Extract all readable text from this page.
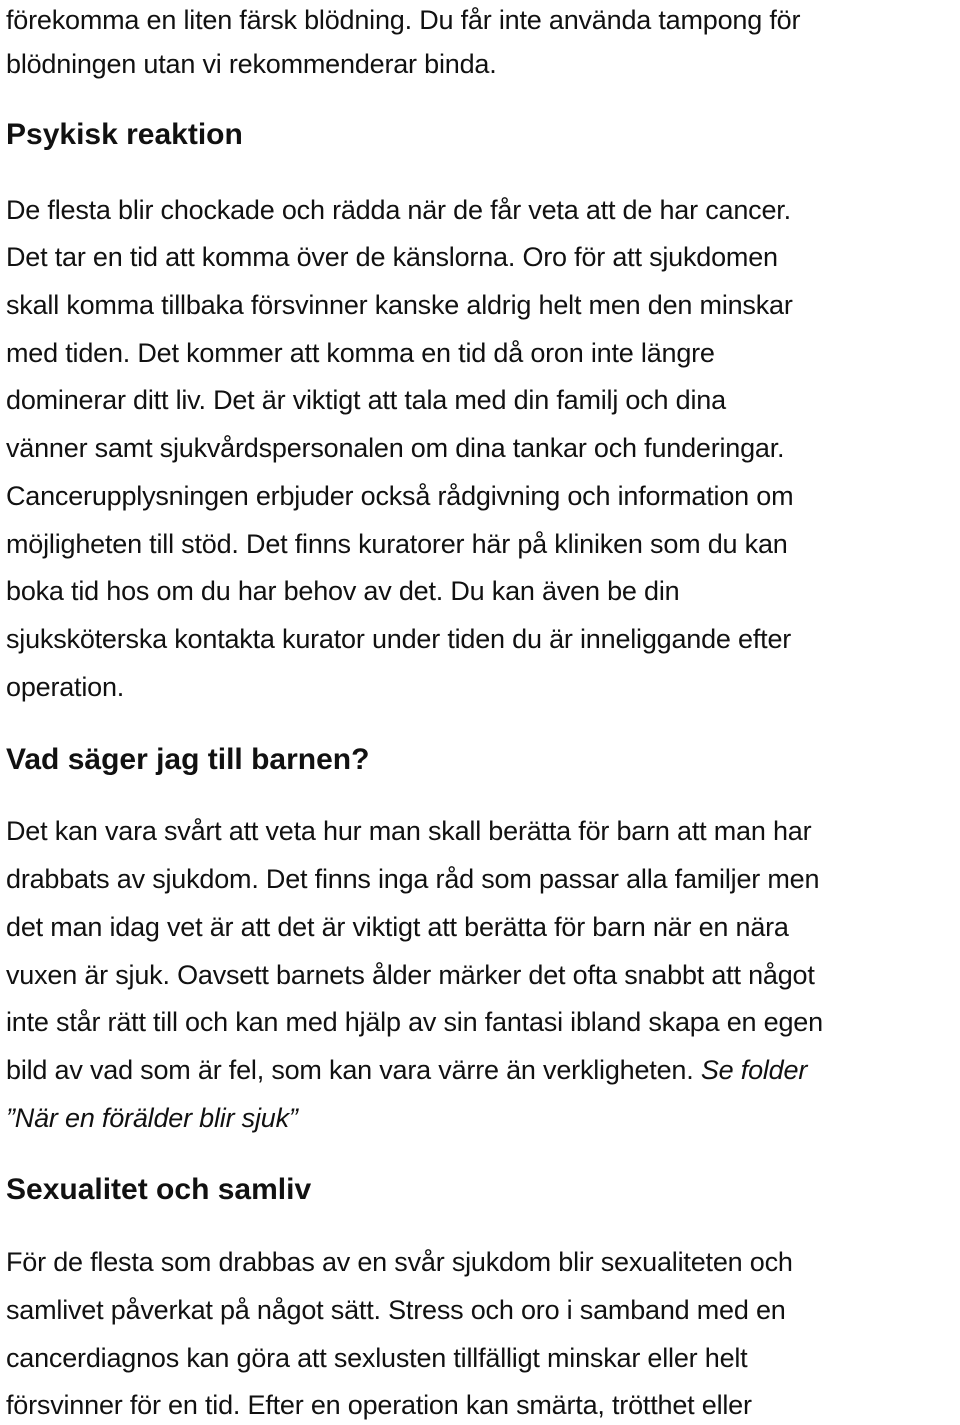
förekomma en liten färsk blödning. Du får inte använda tampong för
blödningen utan vi rekommenderar binda.
Psykisk reaktion
De flesta blir chockade och rädda när de får veta att de har cancer.
Det tar en tid att komma över de känslorna. Oro för att sjukdomen
skall komma tillbaka försvinner kanske aldrig helt men den minskar
med tiden. Det kommer att komma en tid då oron inte längre
dominerar ditt liv. Det är viktigt att tala med din familj och dina
vänner samt sjukvårdspersonalen om dina tankar och funderingar.
Cancerupplysningen erbjuder också rådgivning och information om
möjligheten till stöd. Det finns kuratorer här på kliniken som du kan
boka tid hos om du har behov av det. Du kan även be din
sjuksköterska kontakta kurator under tiden du är inneliggande efter
operation.
Vad säger jag till barnen?
Det kan vara svårt att veta hur man skall berätta för barn att man har
drabbats av sjukdom. Det finns inga råd som passar alla familjer men
det man idag vet är att det är viktigt att berätta för barn när en nära
vuxen är sjuk. Oavsett barnets ålder märker det ofta snabbt att något
inte står rätt till och kan med hjälp av sin fantasi ibland skapa en egen
bild av vad som är fel, som kan vara värre än verkligheten. Se folder
”När en förälder blir sjuk”
Sexualitet och samliv
För de flesta som drabbas av en svår sjukdom blir sexualiteten och
samlivet påverkat på något sätt. Stress och oro i samband med en
cancerdiagnos kan göra att sexlusten tillfälligt minskar eller helt
försvinner för en tid. Efter en operation kan smärta, trötthet eller
